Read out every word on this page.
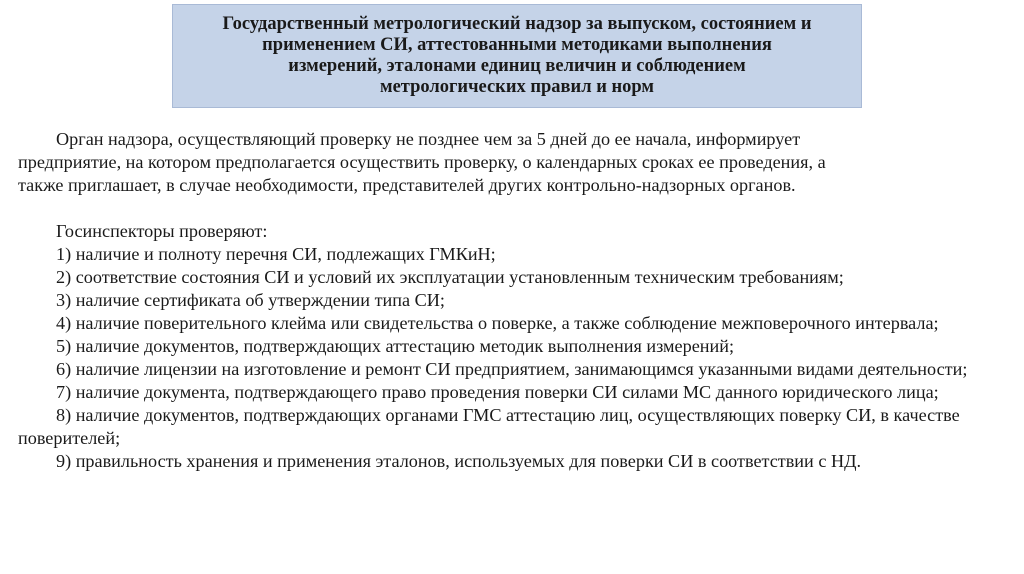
Государственный метрологический надзор за выпуском, состоянием и
применением СИ, аттестованными методиками выполнения
измерений, эталонами единиц величин и соблюдением
метрологических правил и норм

Орган надзора, осуществляющий проверку не позднее чем за 5 дней до ее начала, информирует
предприятие, на котором предполагается осуществить проверку, о календарных сроках ее проведения, а
также приглашает, в случае необходимости, представителей других контрольно-надзорных органов.

Госинспекторы проверяют:

1) наличие и полноту перечня СИ, подлежащих ГМКиН;

2) соответствие состояния СИ и условий их эксплуатации установленным техническим требованиям;

3) наличие сертификата об утверждении типа СИ;

4) наличие поверительного клейма или свидетельства о поверке, а также соблюдение межповерочного интервала;

5) наличие документов, подтверждающих аттестацию методик выполнения измерений;

6) наличие лицензии на изготовление и ремонт СИ предприятием, занимающимся указанными видами деятельности;

7) наличие документа, подтверждающего право проведения поверки СИ силами МС данного юридического лица;

8) наличие документов, подтверждающих органами ГМС аттестацию лиц, осуществляющих поверку СИ, в качестве поверителей;

9) правильность хранения и применения эталонов, используемых для поверки СИ в соответствии с НД.
